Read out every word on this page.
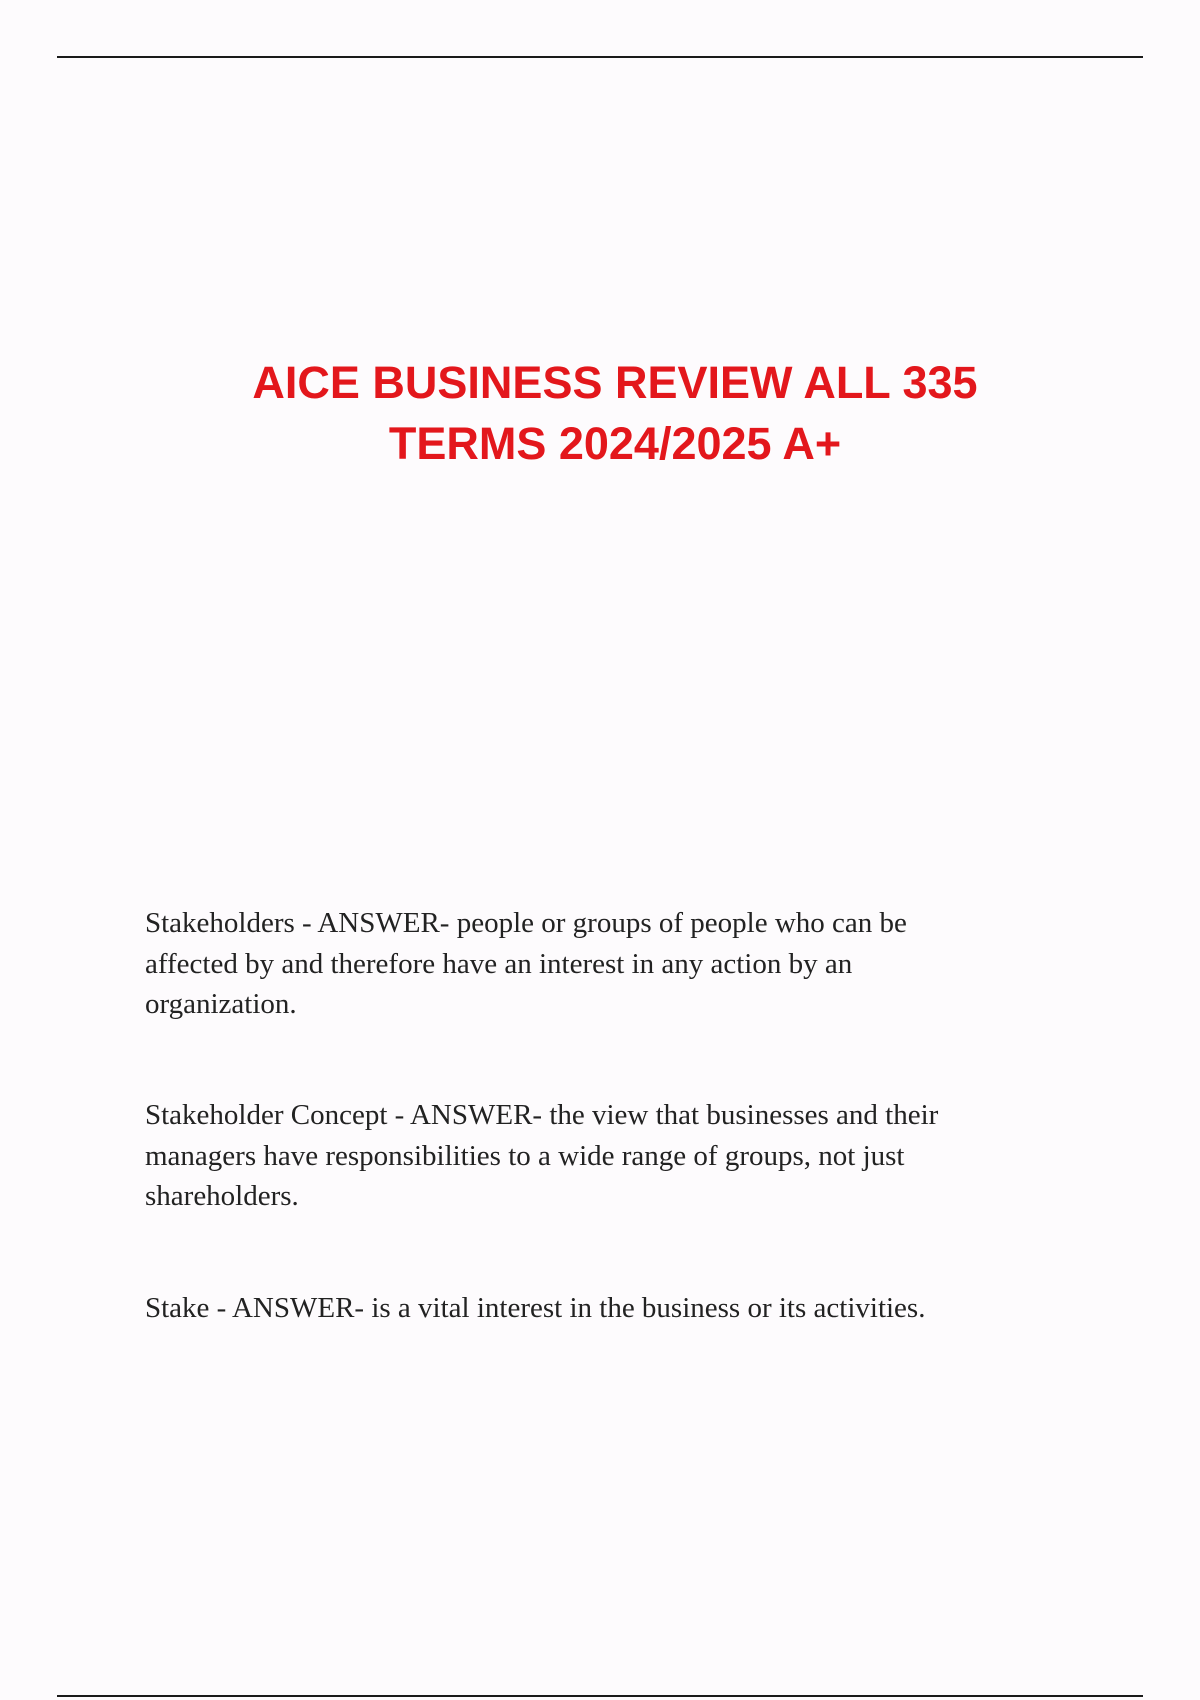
AICE BUSINESS REVIEW ALL 335
TERMS 2024/2025 A+

Stakeholders - ANSWER- people or groups of people who can be
affected by and therefore have an interest in any action by an
organization.

Stakeholder Concept - ANSWER- the view that businesses and their
managers have responsibilities to a wide range of groups, not just
shareholders.

Stake - ANSWER- is a vital interest in the business or its activities.
